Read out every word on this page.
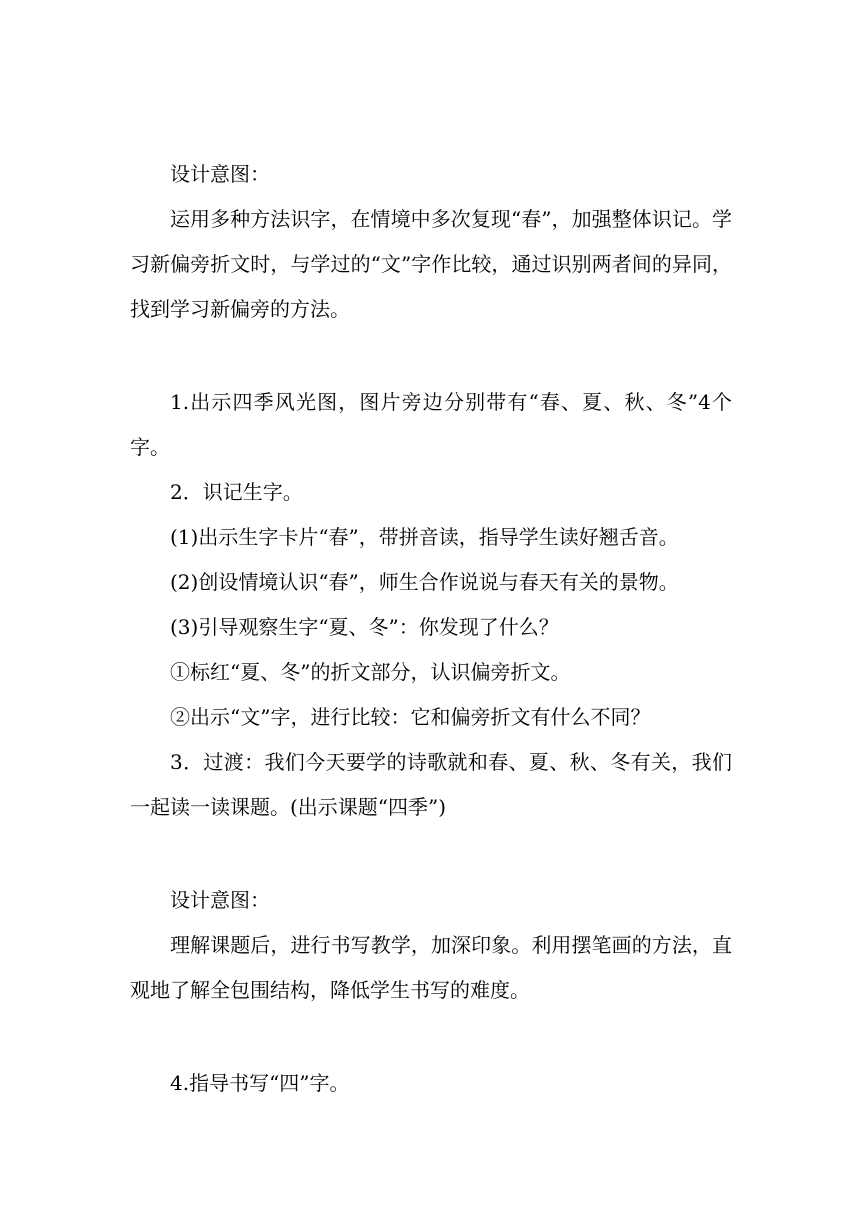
设计意图：

运用多种方法识字，在情境中多次复现“春”，加强整体识记。学习新偏旁折文时，与学过的“文”字作比较，通过识别两者间的异同，找到学习新偏旁的方法。

1.出示四季风光图，图片旁边分别带有“春、夏、秋、冬”4个字。

2．识记生字。

(1)出示生字卡片“春”，带拼音读，指导学生读好翘舌音。

(2)创设情境认识“春”，师生合作说说与春天有关的景物。

(3)引导观察生字“夏、冬”：你发现了什么？

①标红“夏、冬”的折文部分，认识偏旁折文。

②出示“文”字，进行比较：它和偏旁折文有什么不同？

3．过渡：我们今天要学的诗歌就和春、夏、秋、冬有关，我们一起读一读课题。(出示课题“四季”)

设计意图：

理解课题后，进行书写教学，加深印象。利用摆笔画的方法，直观地了解全包围结构，降低学生书写的难度。

4.指导书写“四”字。
